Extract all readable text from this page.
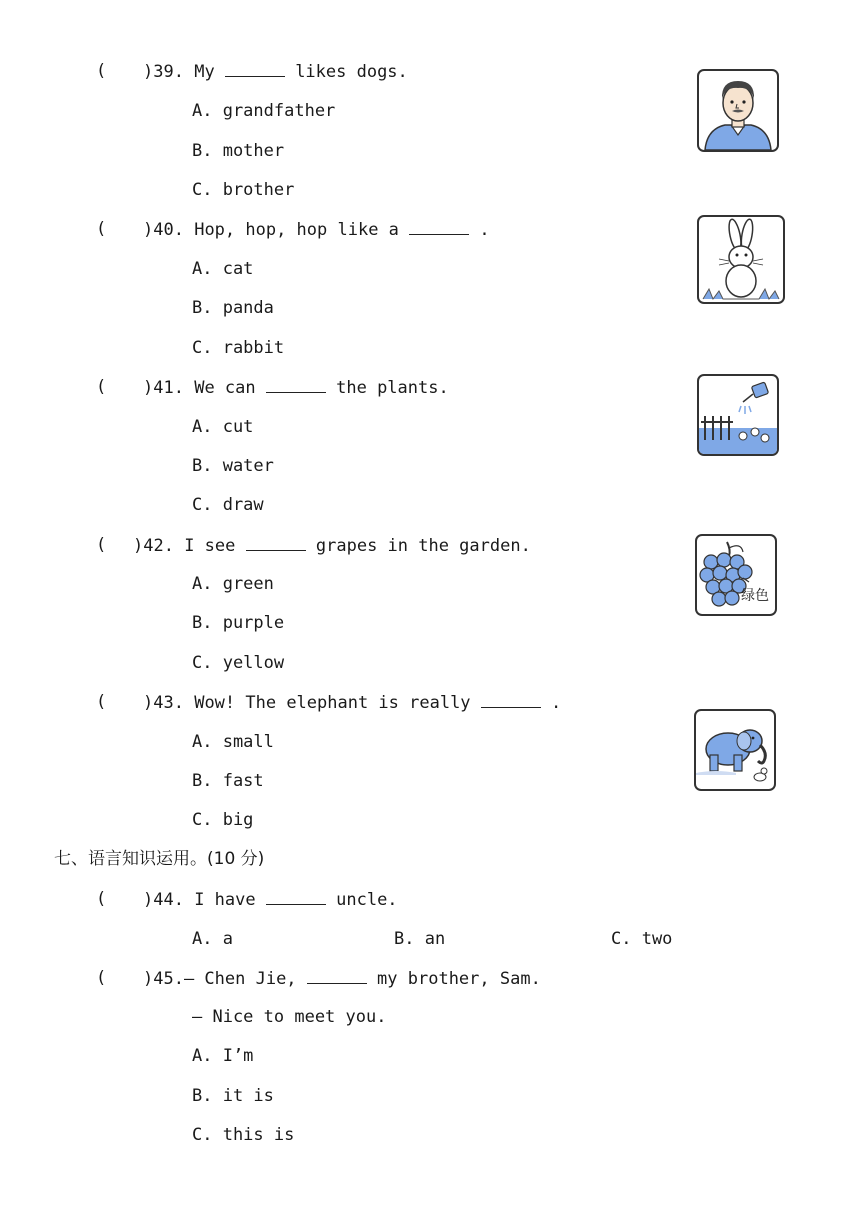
( )39. My	likes dogs.
A. grandfather
B. mother
C. brother
( )40. Hop, hop, hop like a	.
A. cat
B. panda
C. rabbit
( )41. We can	the plants.
A. cut
B. water
C. draw
( )42. I see	grapes in the garden.
A. green
B. purple
C. yellow
绿色
( )43. Wow! The elephant is really	.
A. small
B. fast
C. big
七、语言知识运用。(10 分)
( )44. I have	uncle.
A. a	B. an	C. two
( )45.— Chen Jie,	my brother, Sam.
— Nice to meet you.
A. I’m
B. it is
C. this is
